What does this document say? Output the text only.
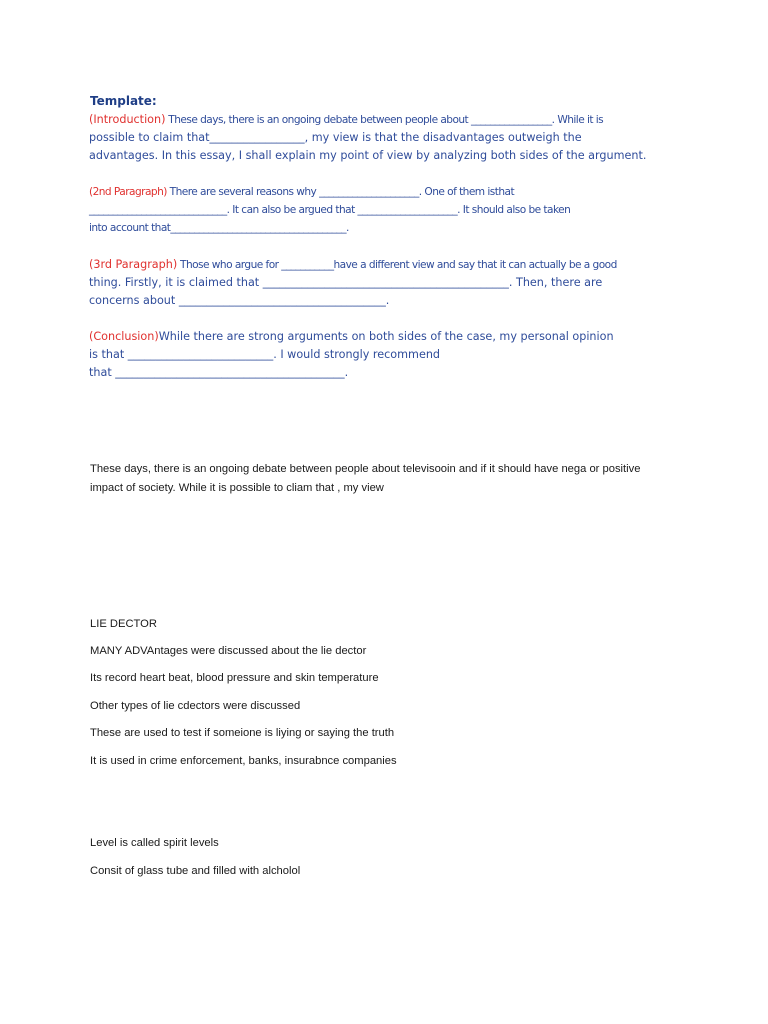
Template:
(Introduction) These days, there is an ongoing debate between people about _________________. While it is
possible to claim that_________________, my view is that the disadvantages outweigh the
advantages. In this essay, I shall explain my point of view by analyzing both sides of the argument.
(2nd Paragraph) There are several reasons why _____________________. One of them isthat
_____________________________. It can also be argued that _____________________. It should also be taken
into account that_____________________________________.
(3rd Paragraph) Those who argue for ___________have a different view and say that it can actually be a good
thing. Firstly, it is claimed that ____________________________________________. Then, there are
concerns about _____________________________________.
(Conclusion)While there are strong arguments on both sides of the case, my personal opinion
is that __________________________. I would strongly recommend
that _________________________________________.
These days, there is an ongoing debate between people about televisooin and if it should have nega or positive
impact of society. While it is possible to cliam that , my view
LIE DECTOR
MANY ADVAntages were discussed about the lie dector
Its record heart beat, blood pressure and skin temperature
Other types of lie cdectors were discussed
These are used to test if someione is liying or saying the truth
It is used in crime enforcement, banks, insurabnce companies
Level is called spirit levels
Consit of glass tube and filled with alcholol
